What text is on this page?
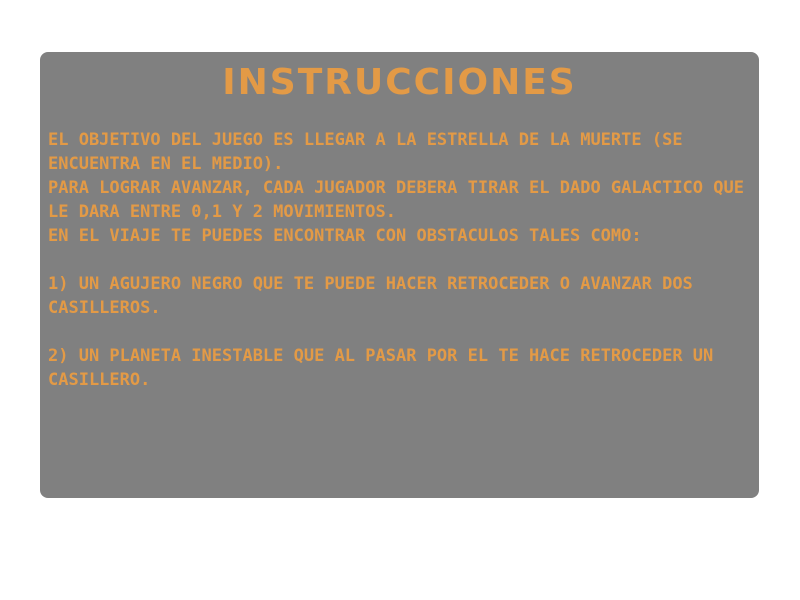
INSTRUCCIONES

EL OBJETIVO DEL JUEGO ES LLEGAR A LA ESTRELLA DE LA MUERTE (SE ENCUENTRA EN EL MEDIO).

PARA LOGRAR AVANZAR, CADA JUGADOR DEBERA TIRAR EL DADO GALACTICO QUE LE DARA ENTRE 0,1 Y 2 MOVIMIENTOS.

EN EL VIAJE TE PUEDES ENCONTRAR CON OBSTACULOS TALES COMO:

1) UN AGUJERO NEGRO QUE TE PUEDE HACER RETROCEDER O AVANZAR DOS CASILLEROS.

2) UN PLANETA INESTABLE QUE AL PASAR POR EL TE HACE RETROCEDER UN CASILLERO.
